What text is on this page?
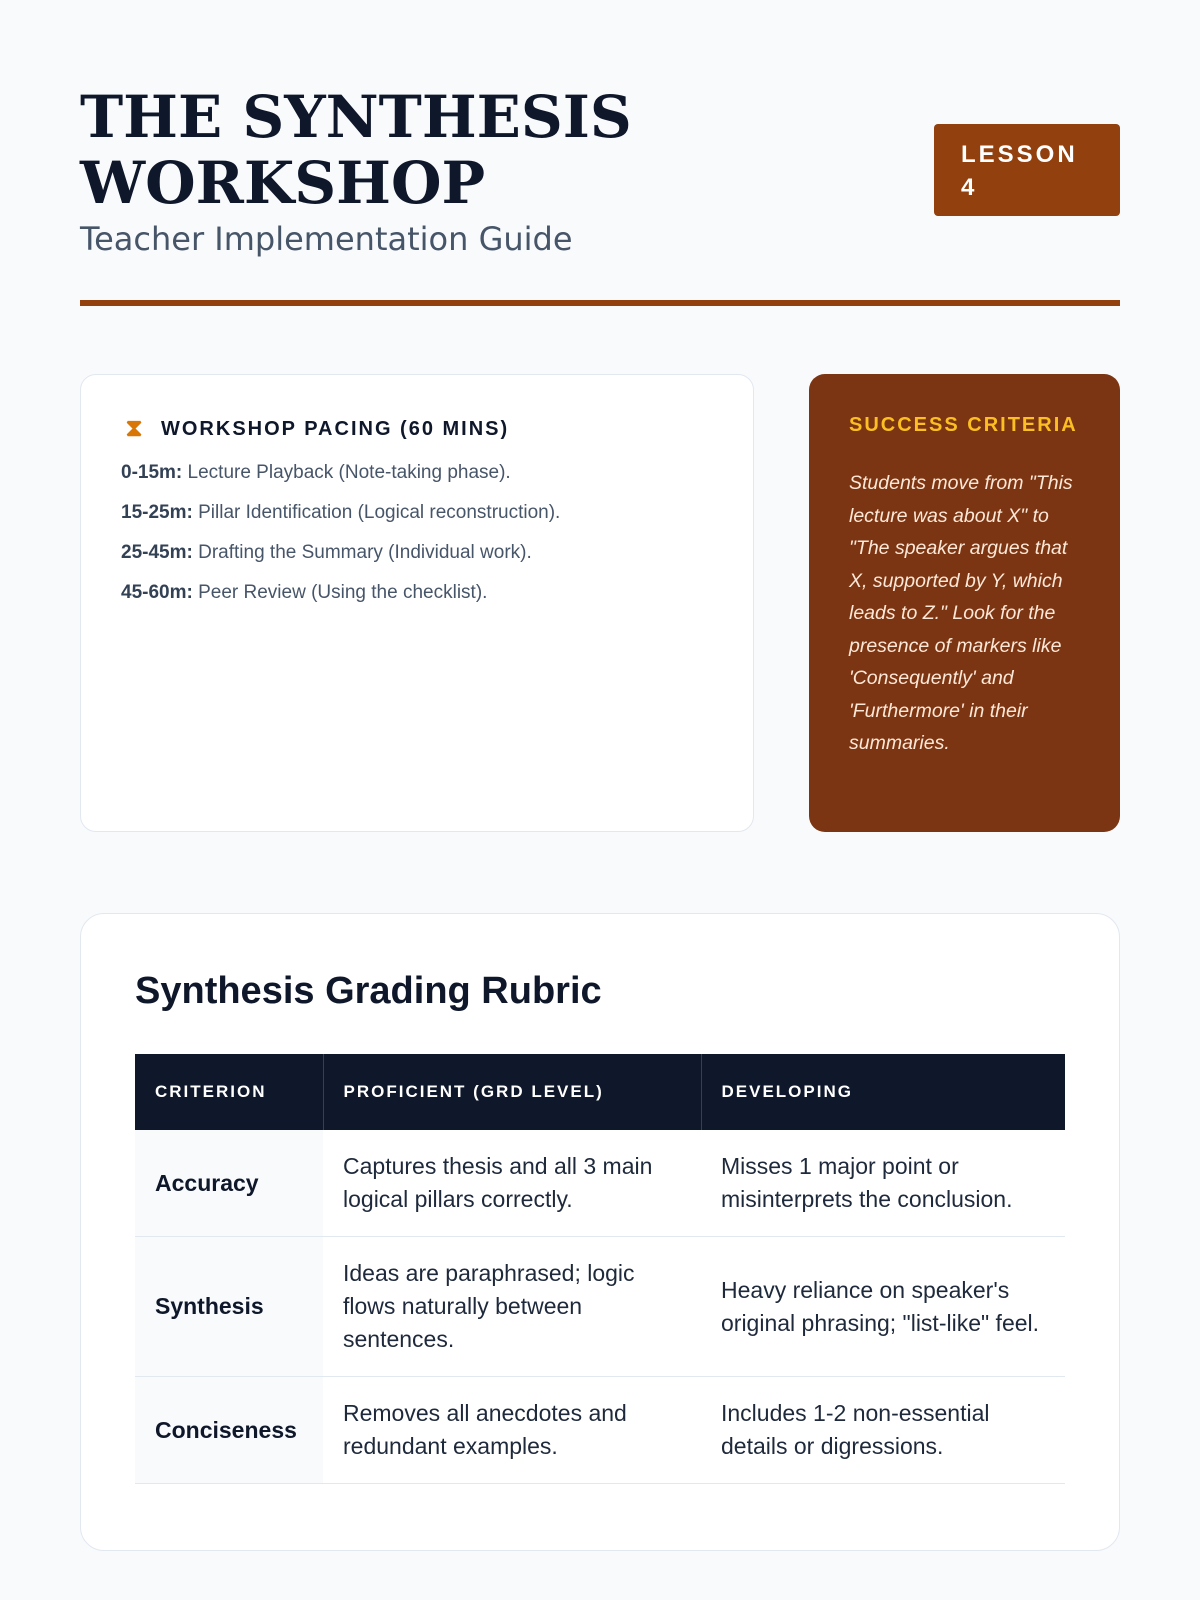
THE SYNTHESIS WORKSHOP
Teacher Implementation Guide
LESSON 4
⧗ WORKSHOP PACING (60 MINS)
0-15m: Lecture Playback (Note-taking phase).
15-25m: Pillar Identification (Logical reconstruction).
25-45m: Drafting the Summary (Individual work).
45-60m: Peer Review (Using the checklist).
SUCCESS CRITERIA

Students move from "This lecture was about X" to "The speaker argues that X, supported by Y, which leads to Z." Look for the presence of markers like 'Consequently' and 'Furthermore' in their summaries.

Synthesis Grading Rubric
CRITERION	PROFICIENT (GRD LEVEL)	DEVELOPING
Accuracy	Captures thesis and all 3 main logical pillars correctly.	Misses 1 major point or misinterprets the conclusion.
Synthesis	Ideas are paraphrased; logic flows naturally between sentences.	Heavy reliance on speaker's original phrasing; "list-like" feel.
Conciseness	Removes all anecdotes and redundant examples.	Includes 1-2 non-essential details or digressions.
